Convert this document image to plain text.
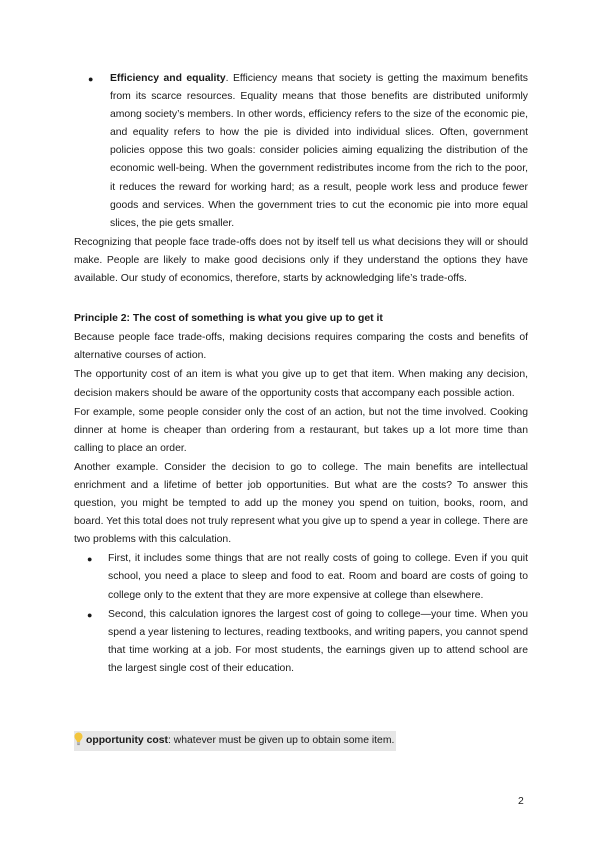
● Efficiency and equality. Efficiency means that society is getting the maximum benefits from its scarce resources. Equality means that those benefits are distributed uniformly among society’s members. In other words, efficiency refers to the size of the economic pie, and equality refers to how the pie is divided into individual slices. Often, government policies oppose this two goals: consider policies aiming equalizing the distribution of the economic well-being. When the government redistributes income from the rich to the poor, it reduces the reward for working hard; as a result, people work less and produce fewer goods and services. When the government tries to cut the economic pie into more equal slices, the pie gets smaller.

Recognizing that people face trade-offs does not by itself tell us what decisions they will or should make. People are likely to make good decisions only if they understand the options they have available. Our study of economics, therefore, starts by acknowledging life’s trade-offs.

Principle 2: The cost of something is what you give up to get it

Because people face trade-offs, making decisions requires comparing the costs and benefits of alternative courses of action.

The opportunity cost of an item is what you give up to get that item. When making any decision, decision makers should be aware of the opportunity costs that accompany each possible action.

For example, some people consider only the cost of an action, but not the time involved. Cooking dinner at home is cheaper than ordering from a restaurant, but takes up a lot more time than calling to place an order.

Another example. Consider the decision to go to college. The main benefits are intellectual enrichment and a lifetime of better job opportunities. But what are the costs? To answer this question, you might be tempted to add up the money you spend on tuition, books, room, and board. Yet this total does not truly represent what you give up to spend a year in college. There are two problems with this calculation.

● First, it includes some things that are not really costs of going to college. Even if you quit school, you need a place to sleep and food to eat. Room and board are costs of going to college only to the extent that they are more expensive at college than elsewhere.
● Second, this calculation ignores the largest cost of going to college—your time. When you spend a year listening to lectures, reading textbooks, and writing papers, you cannot spend that time working at a job. For most students, the earnings given up to attend school are the largest single cost of their education.
opportunity cost: whatever must be given up to obtain some item.
2
